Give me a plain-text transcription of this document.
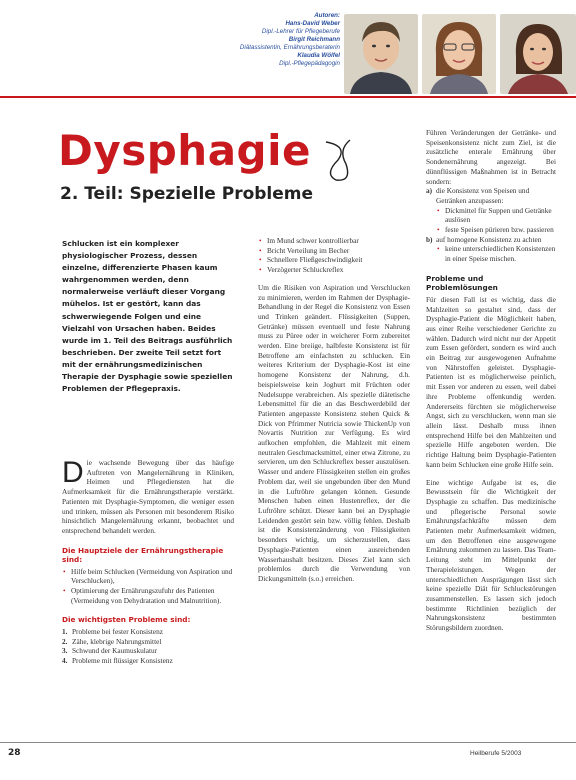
Autoren:
Hans-David Weber
Dipl.-Lehrer für Pflegeberufe
Birgit Reichmann
Diätassistentin, Ernährungsberaterin
Klaudia Wölfel
Dipl.-Pflegepädagogin
Dysphagie
2. Teil: Spezielle Probleme

Schlucken ist ein komplexer physiologischer Prozess, dessen einzelne, differenzierte Phasen kaum wahrgenommen werden, denn normalerweise verläuft dieser Vorgang mühelos. Ist er gestört, kann das schwerwiegende Folgen und eine Vielzahl von Ursachen haben. Beides wurde im 1. Teil des Beitrags ausführlich beschrieben. Der zweite Teil setzt fort mit der ernährungsmedizinischen Therapie der Dysphagie sowie speziellen Problemen der Pflegepraxis.

Die wachsende Bewegung über das häufige Auftreten von Mangelernährung in Kliniken, Heimen und Pflegediensten hat die Aufmerksamkeit für die Ernährungstherapie verstärkt. Patienten mit Dysphagie-Symptomen, die weniger essen und trinken, müssen als Personen mit besonderem Risiko hinsichtlich Mangelernährung erkannt, beobachtet und entsprechend behandelt werden.

Die Hauptziele der Ernährungstherapie sind:
• Hilfe beim Schlucken (Vermeidung von Aspiration und Verschlucken),
• Optimierung der Ernährungszufuhr des Patienten (Vermeidung von Dehydratation und Malnutrition).
Die wichtigsten Probleme sind:
1. Probleme bei fester Konsistenz
2. Zähe, klebrige Nahrungsmittel
3. Schwund der Kaumuskulatur
4. Probleme mit flüssiger Konsistenz
• Im Mund schwer kontrollierbar
• Bricht Verteilung im Becher
• Schnellere Fließgeschwindigkeit
• Verzögerter Schluckreflex

Um die Risiken von Aspiration und Verschlucken zu minimieren, werden im Rahmen der Dysphagie-Behandlung in der Regel die Konsistenz von Essen und Trinken geändert. Flüssigkeiten (Suppen, Getränke) müssen eventuell und feste Nahrung muss zu Püree oder in weicherer Form zubereitet werden. Eine breiige, halbfeste Konsistenz ist für Betroffene am einfachsten zu schlucken. Ein weiteres Kriterium der Dysphagie-Kost ist eine homogene Konsistenz der Nahrung, d.h. beispielsweise kein Joghurt mit Früchten oder Nudelsuppe verabreichen. Als spezielle diätetische Lebensmittel für die an das Beschwerdebild der Patienten angepasste Konsistenz stehen Quick & Dick von Pfrimmer Nutricia sowie ThickenUp von Novartis Nutrition zur Verfügung. Es wird aufkochen empfohlen, die Mahlzeit mit einem neutralen Geschmacksmittel, einer etwa Zitrone, zu servieren, um den Schluckreflex besser auszulösen. Wasser und andere Flüssigkeiten stellen ein großes Problem dar, weil sie ungebunden über den Mund in die Luftröhre gelangen können. Gesunde Menschen haben einen Hustenreflex, der die Luftröhre schützt. Dieser kann bei an Dysphagie Leidenden gestört sein bzw. völlig fehlen. Deshalb ist die Konsistenzänderung von Flüssigkeiten besonders wichtig, um sicherzustellen, dass Dysphagie-Patienten einen ausreichenden Wasserhaushalt besitzen. Dieses Ziel kann sich problemlos durch die Verwendung von Dickungsmitteln (s.o.) erreichen.

Führen Veränderungen der Getränke- und Speisenkonsistenz nicht zum Ziel, ist die zusätzliche enterale Ernährung über Sondenernährung angezeigt. Bei dünnflüssigen Maßnahmen ist in Betracht sondern:

a) die Konsistenz von Speisen und Getränken anzupassen:
• Dickmittel für Suppen und Getränke auslösen
• feste Speisen pürieren bzw. passieren
b) auf homogene Konsistenz zu achten
• keine unterschiedlichen Konsistenzen in einer Speise mischen.
Probleme und Problemlösungen

Für diesen Fall ist es wichtig, dass die Mahlzeiten so gestaltet sind, dass der Dysphagie-Patient die Möglichkeit haben, aus einer Reihe verschiedener Gerichte zu wählen. Dadurch wird nicht nur der Appetit zum Essen gefördert, sondern es wird auch ein Beitrag zur ausgewogenen Aufnahme von Nährstoffen geleistet. Dysphagie-Patienten ist es möglicherweise peinlich, mit Essen vor anderen zu essen, weil dabei ihre Probleme offenkundig werden. Andererseits fürchten sie möglicherweise Angst, sich zu verschlucken, wenn man sie allein lässt. Deshalb muss ihnen entsprechend Hilfe bei den Mahlzeiten und spezielle Hilfe angeboten werden. Die richtige Haltung beim Dysphagie-Patienten kann beim Schlucken eine große Hilfe sein.

Eine wichtige Aufgabe ist es, die Bewusstsein für die Wichtigkeit der Dysphagie zu schaffen. Das medizinische und pflegerische Personal sowie Ernährungsfachkräfte müssen dem Patienten mehr Aufmerksamkeit widmen, um den Betroffenen eine ausgewogene Ernährung zukommen zu lassen. Das Team-Leitung steht im Mittelpunkt der Therapieleistungen. Wegen der unterschiedlichen Ausprägungen lässt sich keine spezielle Diät für Schluckstörungen zusammenstellen. Es lassen sich jedoch bestimmte Richtlinien bezüglich der Nahrungskonsistenz bestimmten Störungsbildern zuordnen.

28	Heilberufe 5/2003
